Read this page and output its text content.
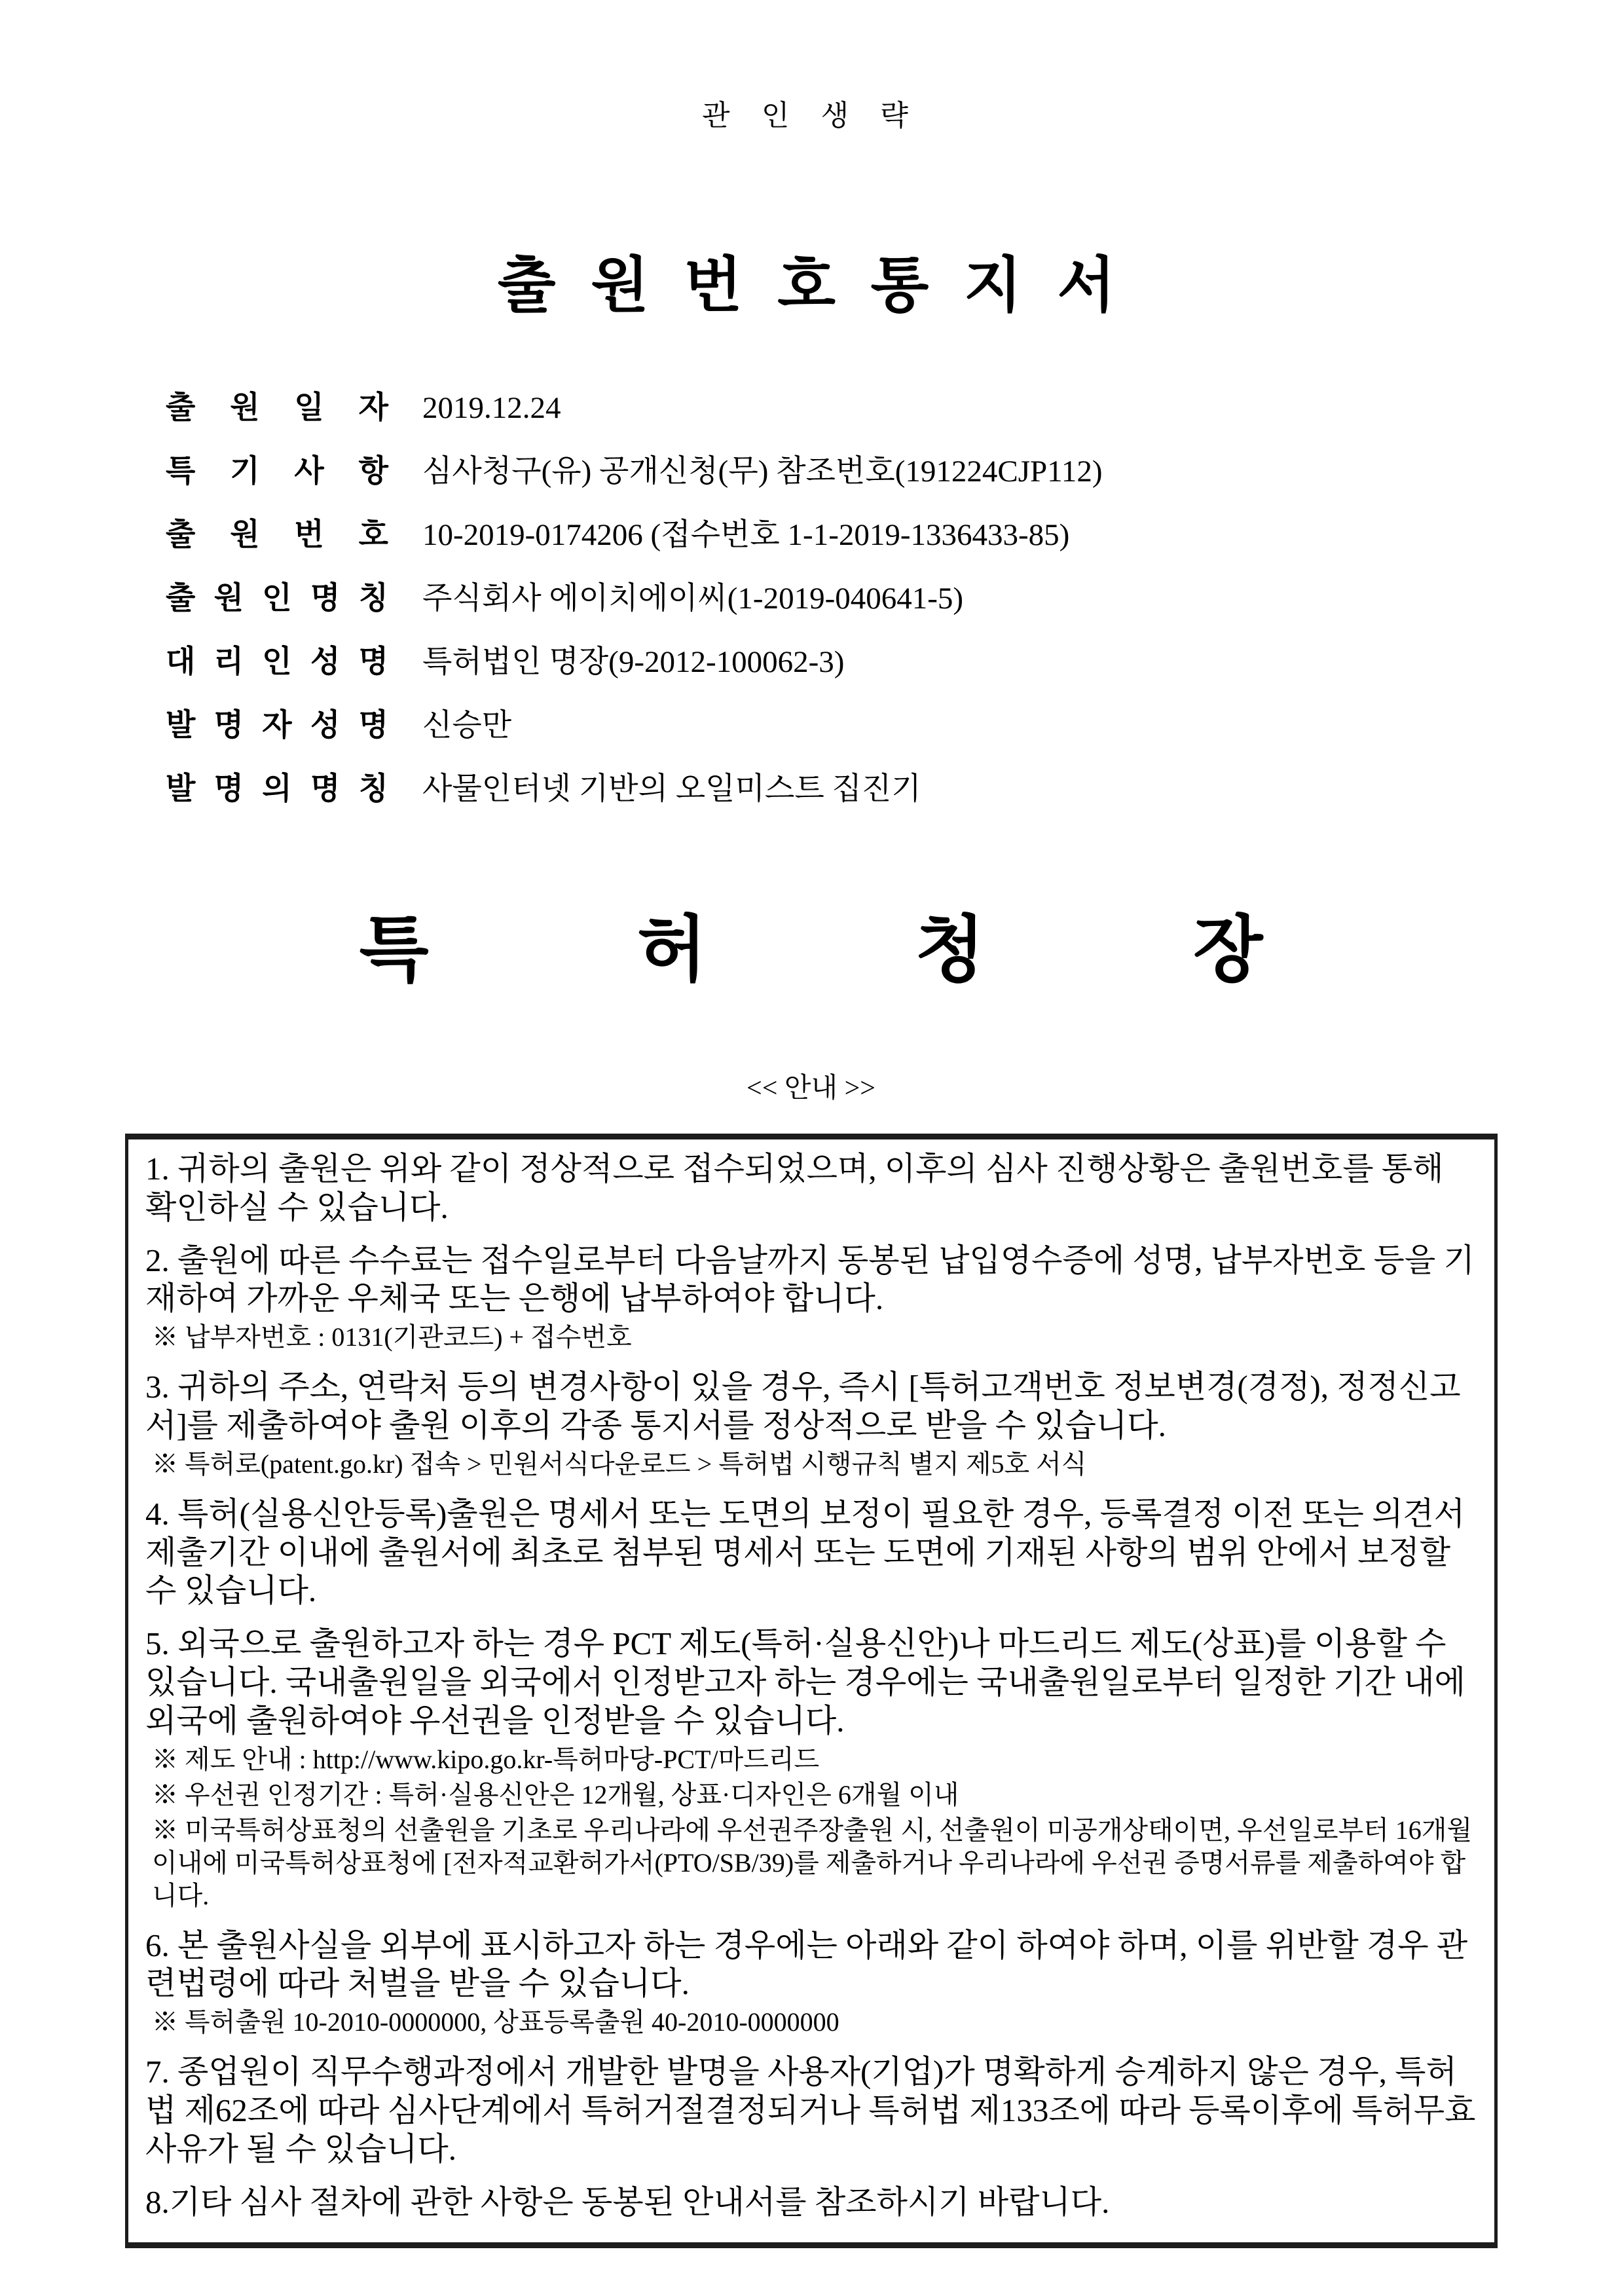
관 인 생 략
출 원 번 호 통 지 서
출 원 일 자 2019.12.24
특 기 사 항 심사청구(유) 공개신청(무) 참조번호(191224CJP112)
출 원 번 호 10-2019-0174206 (접수번호 1-1-2019-1336433-85)
출 원 인 명 칭 주식회사 에이치에이씨(1-2019-040641-5)
대 리 인 성 명 특허법인 명장(9-2012-100062-3)
발 명 자 성 명 신승만
발 명 의 명 칭 사물인터넷 기반의 오일미스트 집진기
특 허 청 장
<< 안내 >>

1. 귀하의 출원은 위와 같이 정상적으로 접수되었으며, 이후의 심사 진행상황은 출원번호를 통해 확인하실 수 있습니다.

2. 출원에 따른 수수료는 접수일로부터 다음날까지 동봉된 납입영수증에 성명, 납부자번호 등을 기재하여 가까운 우체국 또는 은행에 납부하여야 합니다.

※ 납부자번호 : 0131(기관코드) + 접수번호

3. 귀하의 주소, 연락처 등의 변경사항이 있을 경우, 즉시 [특허고객번호 정보변경(경정), 정정신고서]를 제출하여야 출원 이후의 각종 통지서를 정상적으로 받을 수 있습니다.

※ 특허로(patent.go.kr) 접속 > 민원서식다운로드 > 특허법 시행규칙 별지 제5호 서식

4. 특허(실용신안등록)출원은 명세서 또는 도면의 보정이 필요한 경우, 등록결정 이전 또는 의견서 제출기간 이내에 출원서에 최초로 첨부된 명세서 또는 도면에 기재된 사항의 범위 안에서 보정할 수 있습니다.

5. 외국으로 출원하고자 하는 경우 PCT 제도(특허·실용신안)나 마드리드 제도(상표)를 이용할 수 있습니다. 국내출원일을 외국에서 인정받고자 하는 경우에는 국내출원일로부터 일정한 기간 내에 외국에 출원하여야 우선권을 인정받을 수 있습니다.

※ 제도 안내 : http://www.kipo.go.kr-특허마당-PCT/마드리드

※ 우선권 인정기간 : 특허·실용신안은 12개월, 상표·디자인은 6개월 이내

※ 미국특허상표청의 선출원을 기초로 우리나라에 우선권주장출원 시, 선출원이 미공개상태이면, 우선일로부터 16개월 이내에 미국특허상표청에 [전자적교환허가서(PTO/SB/39)를 제출하거나 우리나라에 우선권 증명서류를 제출하여야 합니다.

6. 본 출원사실을 외부에 표시하고자 하는 경우에는 아래와 같이 하여야 하며, 이를 위반할 경우 관련법령에 따라 처벌을 받을 수 있습니다.

※ 특허출원 10-2010-0000000, 상표등록출원 40-2010-0000000

7. 종업원이 직무수행과정에서 개발한 발명을 사용자(기업)가 명확하게 승계하지 않은 경우, 특허법 제62조에 따라 심사단계에서 특허거절결정되거나 특허법 제133조에 따라 등록이후에 특허무효사유가 될 수 있습니다.

8.기타 심사 절차에 관한 사항은 동봉된 안내서를 참조하시기 바랍니다.
